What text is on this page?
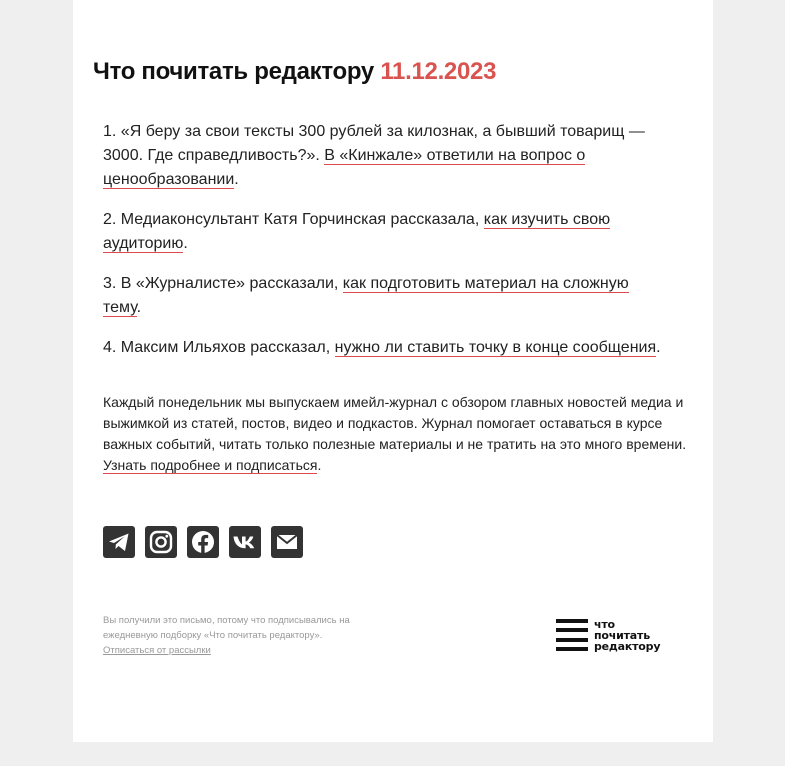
Что почитать редактору 11.12.2023

1. «Я беру за свои тексты 300 рублей за килознак, а бывший товарищ — 3000. Где справедливость?». В «Кинжале» ответили на вопрос о ценообразовании.

2. Медиаконсультант Катя Горчинская рассказала, как изучить свою аудиторию.

3. В «Журналисте» рассказали, как подготовить материал на сложную тему.

4. Максим Ильяхов рассказал, нужно ли ставить точку в конце сообщения.

Каждый понедельник мы выпускаем имейл-журнал с обзором главных новостей медиа и выжимкой из статей, постов, видео и подкастов. Журнал помогает оставаться в курсе важных событий, читать только полезные материалы и не тратить на это много времени. Узнать подробнее и подписаться.

Вы получили это письмо, потому что подписывались на ежедневную подборку «Что почитать редактору».
Отписаться от рассылки

что
почитать
редактору
